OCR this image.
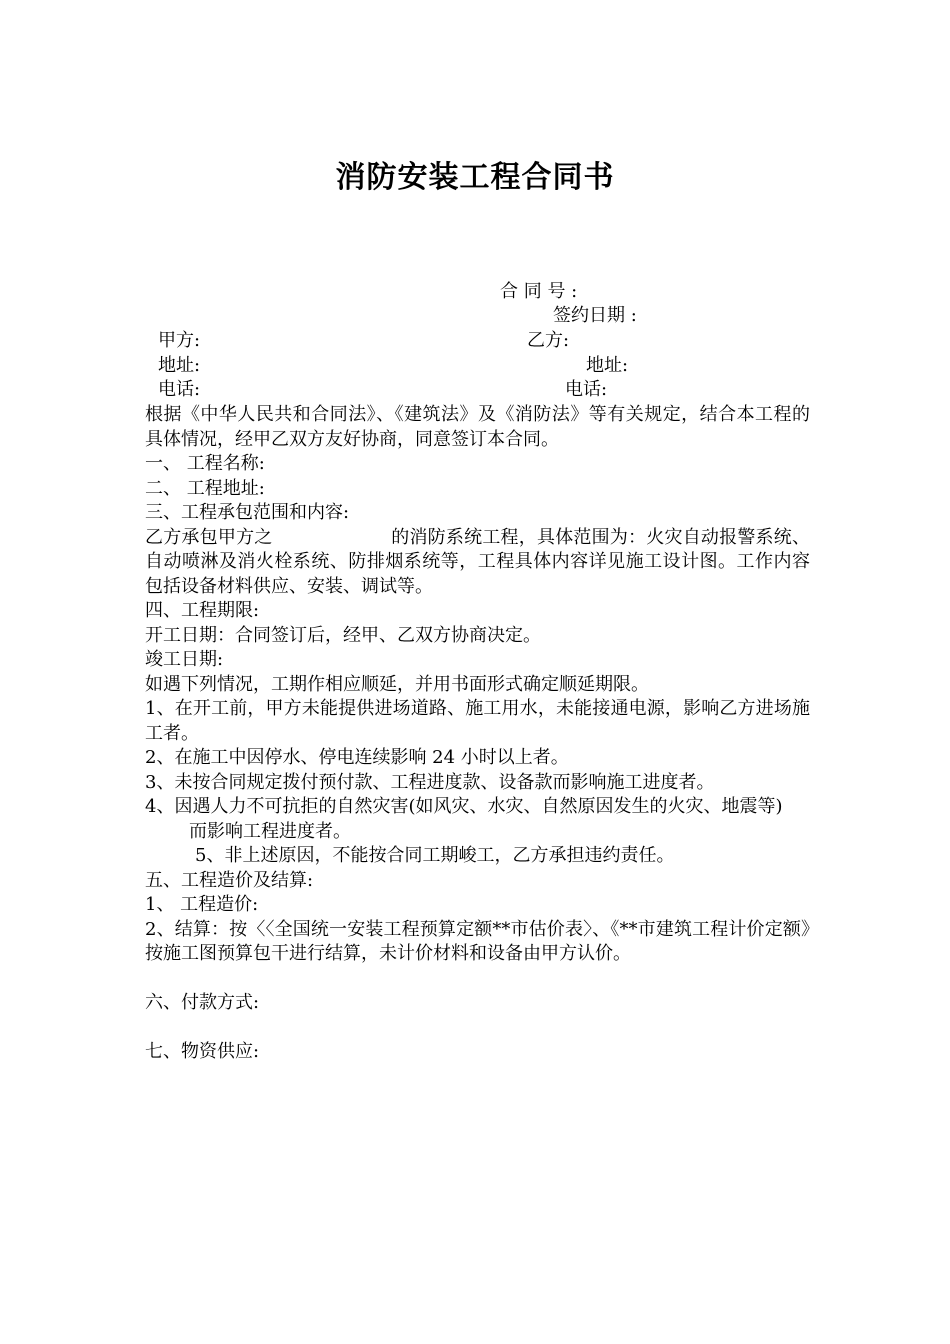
消防安装工程合同书
合 同 号 :
签约日期 :
甲方:	乙方:
地址:	地址:
电话:	电话:
根据《中华人民共和合同法》、《建筑法》及《消防法》等有关规定，结合本工程的具体情况，经甲乙双方友好协商，同意签订本合同。
一、 工程名称:
二、 工程地址:
三、工程承包范围和内容:
乙方承包甲方之                    的消防系统工程，具体范围为：火灾自动报警系统、自动喷淋及消火栓系统、防排烟系统等，工程具体内容详见施工设计图。工作内容包括设备材料供应、安装、调试等。
四、工程期限:
开工日期：合同签订后，经甲、乙双方协商决定。
竣工日期:
如遇下列情况，工期作相应顺延，并用书面形式确定顺延期限。
1、在开工前，甲方未能提供进场道路、施工用水，未能接通电源，影响乙方进场施工者。
2、在施工中因停水、停电连续影响 24 小时以上者。
3、未按合同规定拨付预付款、工程进度款、设备款而影响施工进度者。
4、因遇人力不可抗拒的自然灾害(如风灾、水灾、自然原因发生的火灾、地震等)
而影响工程进度者。
5、非上述原因，不能按合同工期峻工，乙方承担违约责任。
五、工程造价及结算:
1、 工程造价:
2、结算：按〈〈全国统一安装工程预算定额**市估价表〉、《**市建筑工程计价定额》按施工图预算包干进行结算，未计价材料和设备由甲方认价。
六、付款方式:
七、物资供应:
